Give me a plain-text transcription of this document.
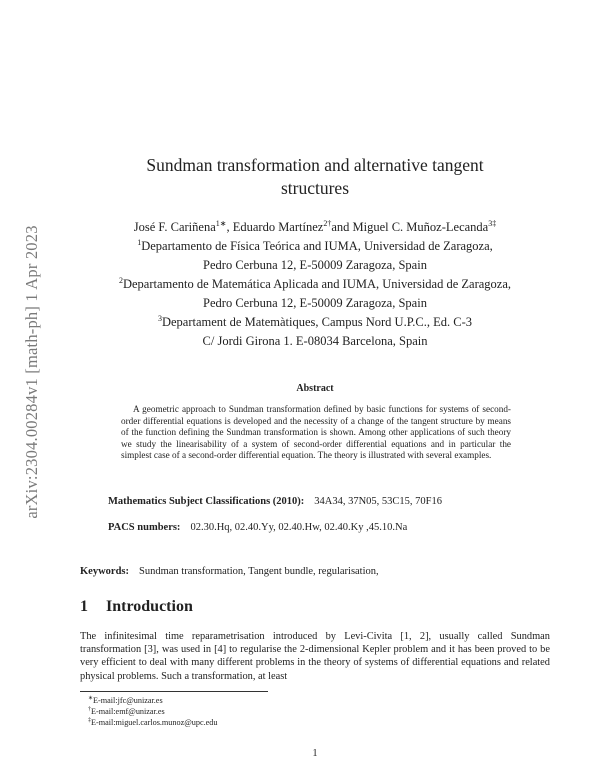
arXiv:2304.00284v1 [math-ph] 1 Apr 2023
Sundman transformation and alternative tangent
structures
José F. Cariñena$^{1∗}$, Eduardo Martínez$^{2\dagger}$and Miguel C. Muñoz-Lecanda$^{3\ddagger}$
$^1$Departamento de Física Teórica and IUMA, Universidad de Zaragoza,
Pedro Cerbuna 12, E-50009 Zaragoza, Spain
$^2$Departamento de Matemática Aplicada and IUMA, Universidad de Zaragoza,
Pedro Cerbuna 12, E-50009 Zaragoza, Spain
$^3$Departament de Matemàtiques, Campus Nord U.P.C., Ed. C-3
C/ Jordi Girona 1. E-08034 Barcelona, Spain
Abstract

A geometric approach to Sundman transformation defined by basic functions for systems of second-order differential equations is developed and the necessity of a change of the tangent structure by means of the function defining the Sundman transformation is shown. Among other applications of such theory we study the linearisability of a system of second-order differential equations and in particular the simplest case of a second-order differential equation. The theory is illustrated with several examples.

Mathematics Subject Classifications (2010): 34A34, 37N05, 53C15, 70F16
PACS numbers: 02.30.Hq, 02.40.Yy, 02.40.Hw, 02.40.Ky ,45.10.Na
Keywords: Sundman transformation, Tangent bundle, regularisation,
1 Introduction

The infinitesimal time reparametrisation introduced by Levi-Civita [1, 2], usually called Sundman transformation [3], was used in [4] to regularise the 2-dimensional Kepler problem and it has been proved to be very efficient to deal with many different problems in the theory of systems of differential equations and related physical problems. Such a transformation, at least

∗E-mail:jfc@unizar.es
†E-mail:emf@unizar.es
‡E-mail:miguel.carlos.munoz@upc.edu
1
